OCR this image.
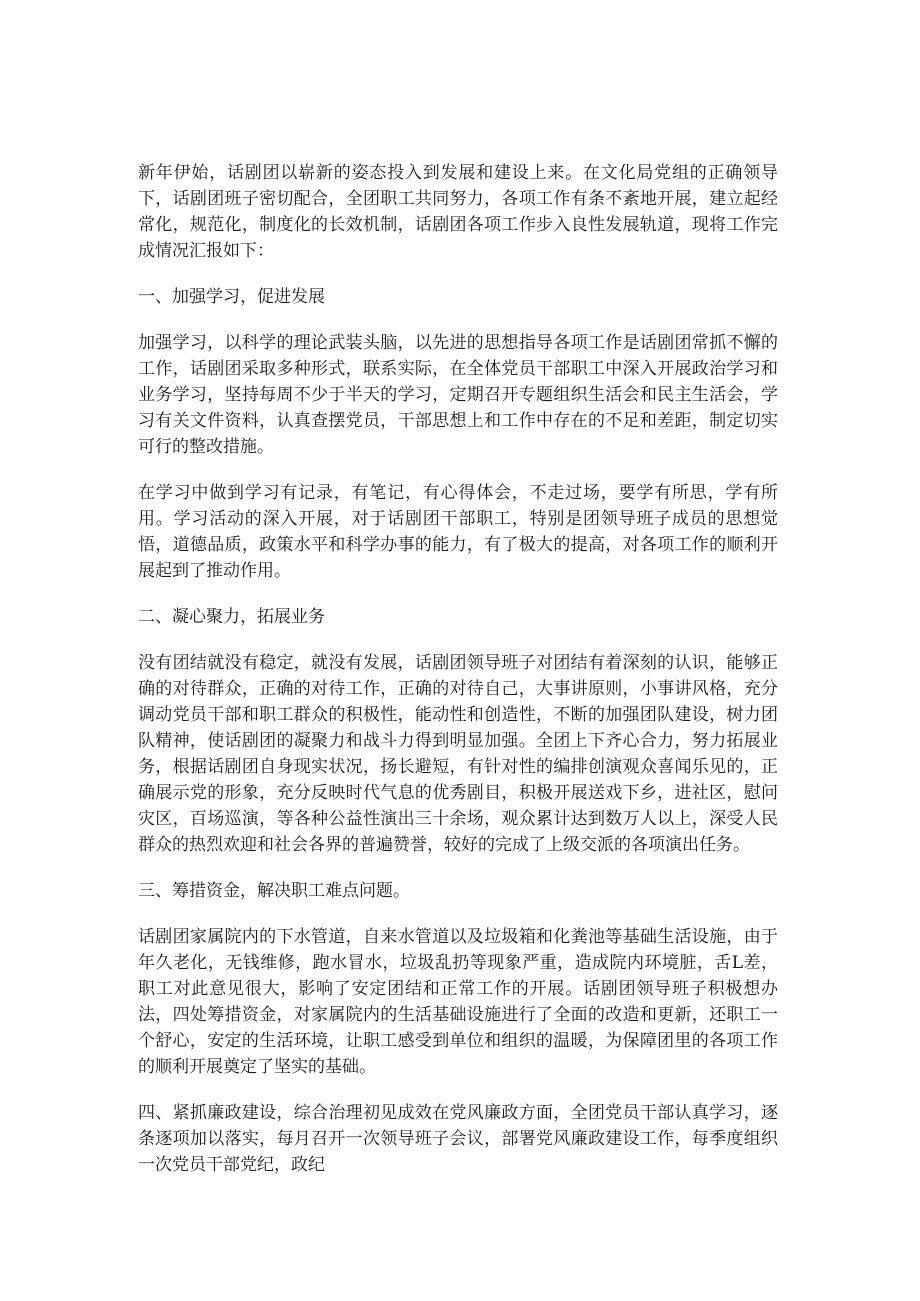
新年伊始，话剧团以崭新的姿态投入到发展和建设上来。在文化局党组的正确领导下，话剧团班子密切配合，全团职工共同努力，各项工作有条不紊地开展，建立起经常化，规范化，制度化的长效机制，话剧团各项工作步入良性发展轨道，现将工作完成情况汇报如下：

一、加强学习，促进发展

加强学习，以科学的理论武装头脑，以先进的思想指导各项工作是话剧团常抓不懈的工作，话剧团采取多种形式，联系实际，在全体党员干部职工中深入开展政治学习和业务学习，坚持每周不少于半天的学习，定期召开专题组织生活会和民主生活会，学习有关文件资料，认真查摆党员，干部思想上和工作中存在的不足和差距，制定切实可行的整改措施。

在学习中做到学习有记录，有笔记，有心得体会，不走过场，要学有所思，学有所用。学习活动的深入开展，对于话剧团干部职工，特别是团领导班子成员的思想觉悟，道德品质，政策水平和科学办事的能力，有了极大的提高，对各项工作的顺利开展起到了推动作用。

二、凝心聚力，拓展业务

没有团结就没有稳定，就没有发展，话剧团领导班子对团结有着深刻的认识，能够正确的对待群众，正确的对待工作，正确的对待自己，大事讲原则，小事讲风格，充分调动党员干部和职工群众的积极性，能动性和创造性，不断的加强团队建设，树力团队精神，使话剧团的凝聚力和战斗力得到明显加强。全团上下齐心合力，努力拓展业务，根据话剧团自身现实状况，扬长避短，有针对性的编排创演观众喜闻乐见的，正确展示党的形象，充分反映时代气息的优秀剧目，积极开展送戏下乡，进社区，慰问灾区，百场巡演，等各种公益性演出三十余场，观众累计达到数万人以上，深受人民群众的热烈欢迎和社会各界的普遍赞誉，较好的完成了上级交派的各项演出任务。

三、筹措资金，解决职工难点问题。

话剧团家属院内的下水管道，自来水管道以及垃圾箱和化粪池等基础生活设施，由于年久老化，无钱维修，跑水冒水，垃圾乱扔等现象严重，造成院内环境脏，舌L差，职工对此意见很大，影响了安定团结和正常工作的开展。话剧团领导班子积极想办法，四处筹措资金，对家属院内的生活基础设施进行了全面的改造和更新，还职工一个舒心，安定的生活环境，让职工感受到单位和组织的温暖，为保障团里的各项工作的顺利开展奠定了坚实的基础。

四、紧抓廉政建设，综合治理初见成效在党风廉政方面，全团党员干部认真学习，逐条逐项加以落实，每月召开一次领导班子会议，部署党风廉政建设工作，每季度组织一次党员干部党纪，政纪
